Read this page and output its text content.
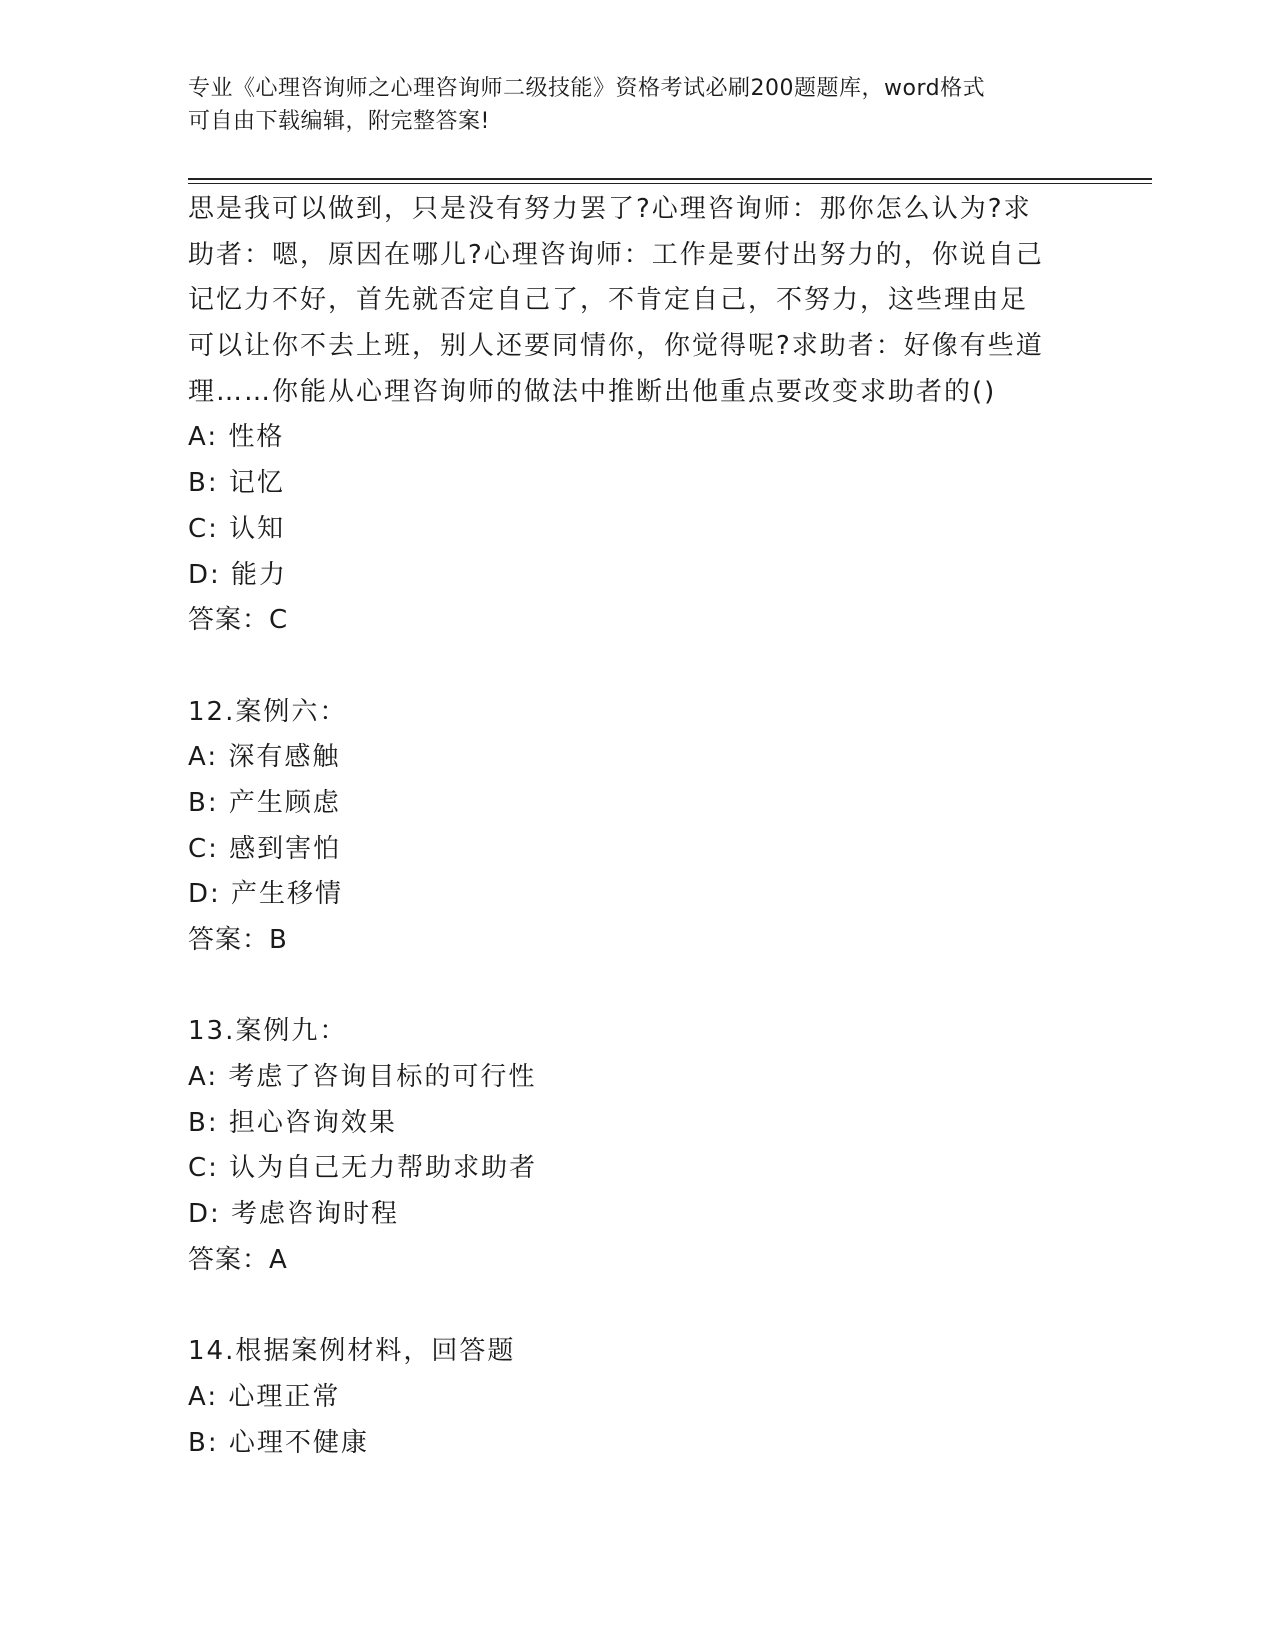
专业《心理咨询师之心理咨询师二级技能》资格考试必刷200题题库，word格式
可自由下载编辑，附完整答案!
思是我可以做到，只是没有努力罢了?心理咨询师：那你怎么认为?求
助者：嗯，原因在哪儿?心理咨询师：工作是要付出努力的，你说自己
记忆力不好，首先就否定自己了，不肯定自己，不努力，这些理由足
可以让你不去上班，别人还要同情你，你觉得呢?求助者：好像有些道
理……你能从心理咨询师的做法中推断出他重点要改变求助者的()
A: 性格
B: 记忆
C: 认知
D: 能力
答案：C
12.案例六：
A: 深有感触
B: 产生顾虑
C: 感到害怕
D: 产生移情
答案：B
13.案例九：
A: 考虑了咨询目标的可行性
B: 担心咨询效果
C: 认为自己无力帮助求助者
D: 考虑咨询时程
答案：A
14.根据案例材料，回答题
A: 心理正常
B: 心理不健康
